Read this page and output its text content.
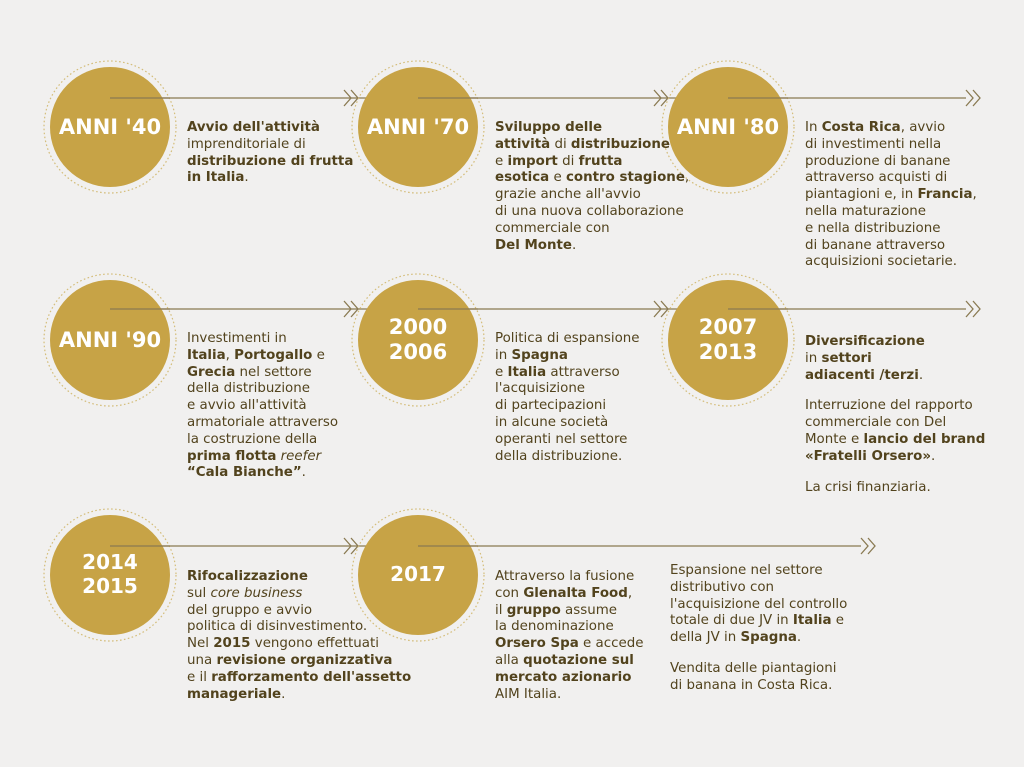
ANNI '40	ANNI '70	ANNI '80
ANNI '90
2000
2006
2007
2013
2014
2015	2017

Avvio dell'attività

imprenditoriale di

distribuzione di frutta

in Italia.

Sviluppo delle

attività di distribuzione

e import di frutta

esotica e contro stagione,

grazie anche all'avvio

di una nuova collaborazione

commerciale con

Del Monte.

In Costa Rica, avvio

di investimenti nella

produzione di banane

attraverso acquisti di

piantagioni e, in Francia,

nella maturazione

e nella distribuzione

di banane attraverso

acquisizioni societarie.

Investimenti in

Italia, Portogallo e

Grecia nel settore

della distribuzione

e avvio all'attività

armatoriale attraverso

la costruzione della

prima flotta reefer

“Cala Bianche”.

Politica di espansione

in Spagna

e Italia attraverso

l'acquisizione

di partecipazioni

in alcune società

operanti nel settore

della distribuzione.

Diversificazione

in settori

adiacenti /terzi.

Interruzione del rapporto

commerciale con Del

Monte e lancio del brand

«Fratelli Orsero».

La crisi finanziaria.

Rifocalizzazione

sul core business

del gruppo e avvio

politica di disinvestimento.

Nel 2015 vengono effettuati

una revisione organizzativa

e il rafforzamento dell'assetto

manageriale.

Attraverso la fusione

con Glenalta Food,

il gruppo assume

la denominazione

Orsero Spa e accede

alla quotazione sul

mercato azionario

AIM Italia.

Espansione nel settore

distributivo con

l'acquisizione del controllo

totale di due JV in Italia e

della JV in Spagna.

Vendita delle piantagioni

di banana in Costa Rica.
